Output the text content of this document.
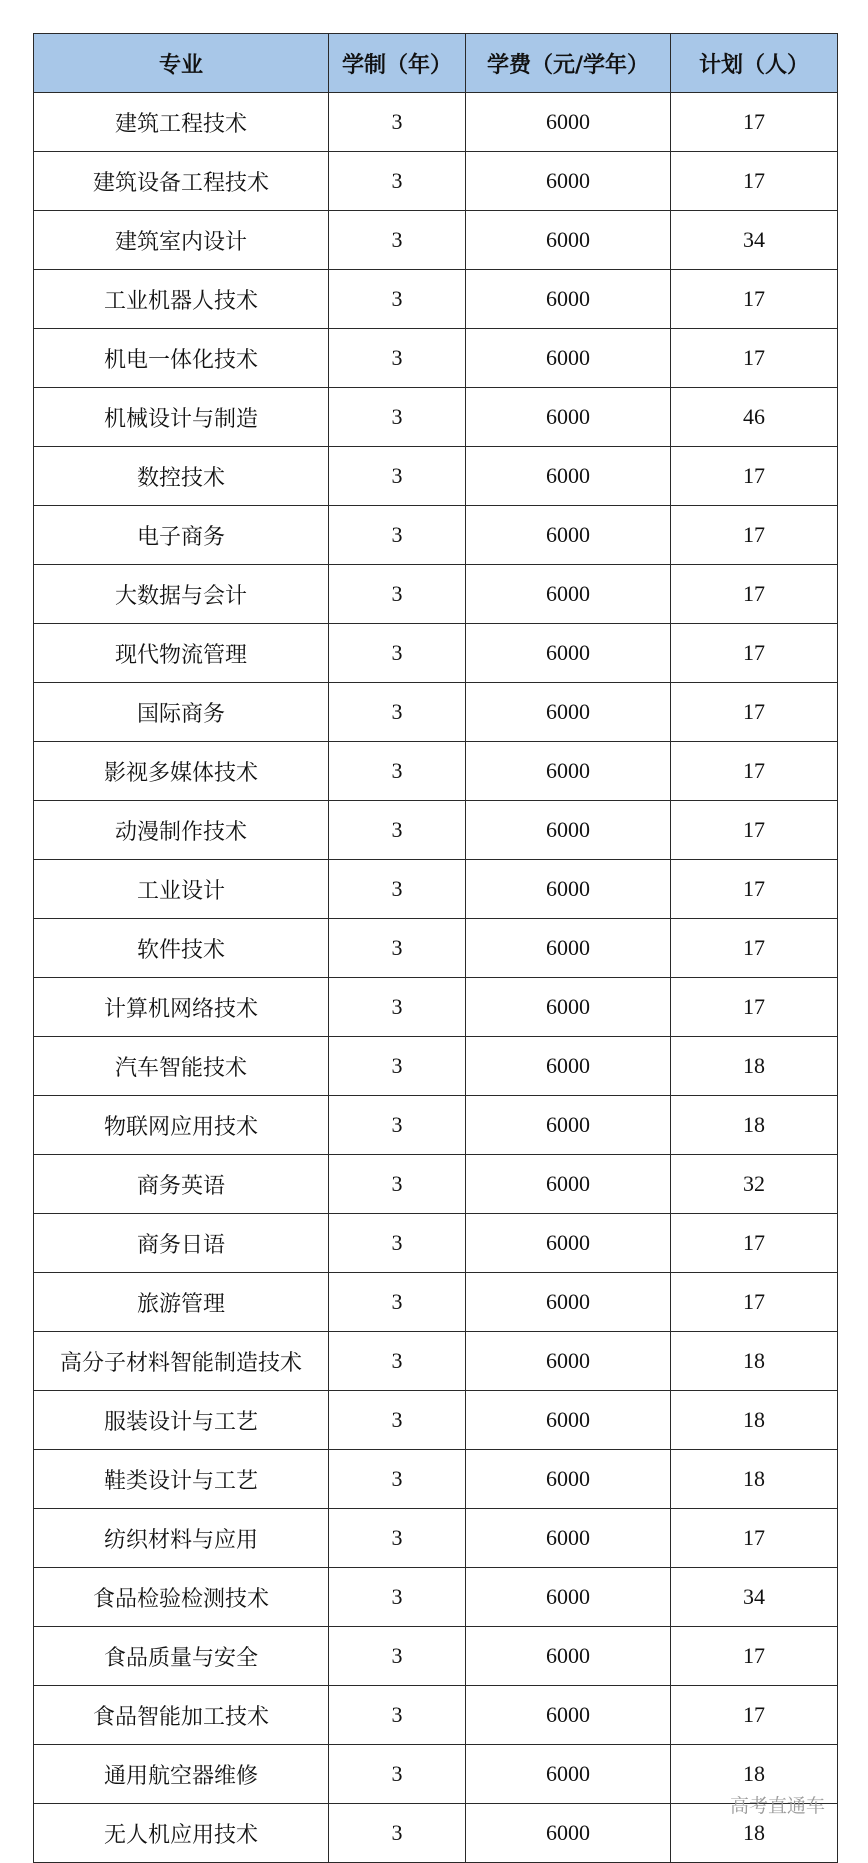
专业	学制（年）	学费（元/学年）	计划（人）
建筑工程技术	3	6000	17
建筑设备工程技术	3	6000	17
建筑室内设计	3	6000	34
工业机器人技术	3	6000	17
机电一体化技术	3	6000	17
机械设计与制造	3	6000	46
数控技术	3	6000	17
电子商务	3	6000	17
大数据与会计	3	6000	17
现代物流管理	3	6000	17
国际商务	3	6000	17
影视多媒体技术	3	6000	17
动漫制作技术	3	6000	17
工业设计	3	6000	17
软件技术	3	6000	17
计算机网络技术	3	6000	17
汽车智能技术	3	6000	18
物联网应用技术	3	6000	18
商务英语	3	6000	32
商务日语	3	6000	17
旅游管理	3	6000	17
高分子材料智能制造技术	3	6000	18
服装设计与工艺	3	6000	18
鞋类设计与工艺	3	6000	18
纺织材料与应用	3	6000	17
食品检验检测技术	3	6000	34
食品质量与安全	3	6000	17
食品智能加工技术	3	6000	17
通用航空器维修	3	6000	18
无人机应用技术	3	6000	18
高考直通车
